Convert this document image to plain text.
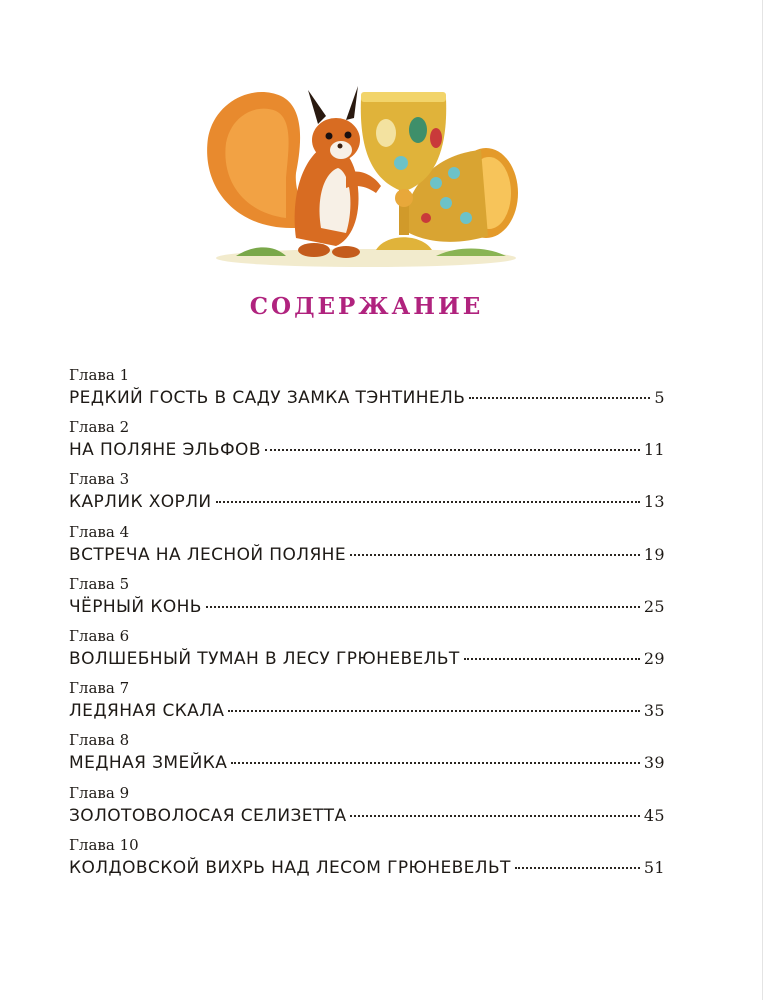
СОДЕРЖАНИЕ
Глава 1
РЕДКИЙ ГОСТЬ В САДУ ЗАМКА ТЭНТИНЕЛЬ	5
Глава 2
НА ПОЛЯНЕ ЭЛЬФОВ	11
Глава 3
КАРЛИК ХОРЛИ	13
Глава 4
ВСТРЕЧА НА ЛЕСНОЙ ПОЛЯНЕ	19
Глава 5
ЧЁРНЫЙ КОНЬ	25
Глава 6
ВОЛШЕБНЫЙ ТУМАН В ЛЕСУ ГРЮНЕВЕЛЬТ	29
Глава 7
ЛЕДЯНАЯ СКАЛА	35
Глава 8
МЕДНАЯ ЗМЕЙКА	39
Глава 9
ЗОЛОТОВОЛОСАЯ СЕЛИЗЕТТА	45
Глава 10
КОЛДОВСКОЙ ВИХРЬ НАД ЛЕСОМ ГРЮНЕВЕЛЬТ	51
